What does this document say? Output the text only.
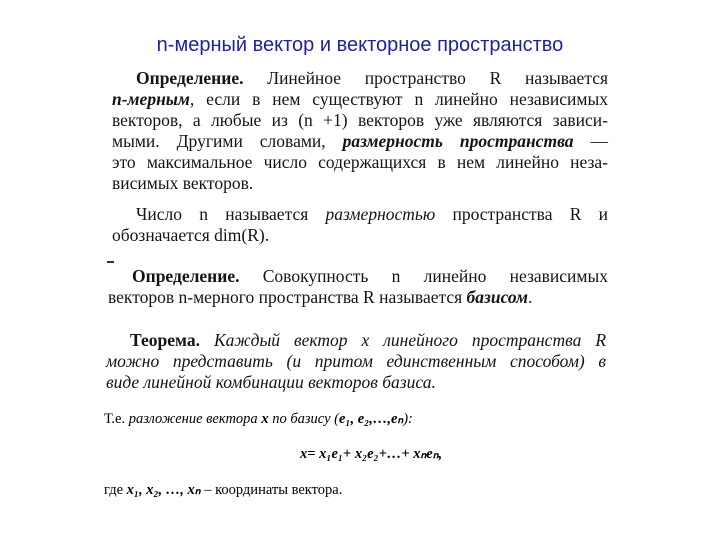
n-мерный вектор и векторное пространство

Определение. Линейное пространство R называется

n-мерным, если в нем существуют n линейно независимых

векторов, а любые из (n +1) векторов уже являются зависи-

мыми. Другими словами, размерность пространства —

это максимальное число содержащихся в нем линейно неза-

висимых векторов.

Число n называется размерностью пространства R и

обозначается dim(R).

Определение. Совокупность n линейно независимых

векторов n-мерного пространства R называется базисом.

Теорема. Каждый вектор x линейного пространства R

можно представить (и притом единственным способом) в

виде линейной комбинации векторов базиса.

Т.е. разложение вектора x по базису (e₁, e₂,…,eₙ):
x= x₁e₁+ x₂e₂+…+ xₙeₙ,
где x₁, x₂, …, xₙ – координаты вектора.
